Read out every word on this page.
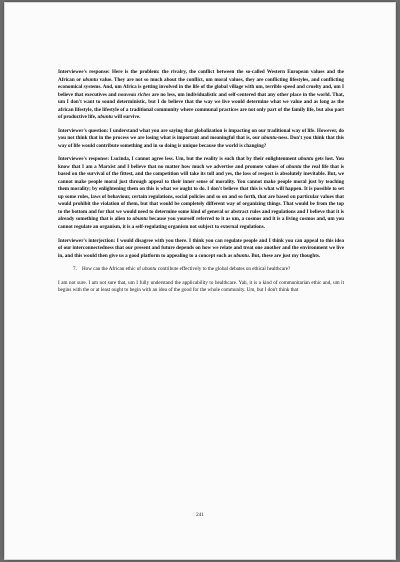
Interviewee's response: Here is the problem: the rivalry, the conflict between the so-called Western European values and the African or ubuntu value. They are not so much about the conflict, um moral values, they are conflicting lifestyles, and conflicting economical systems. And, um Africa is getting involved in the life of the global village with um, terrible speed and cruelty and, um I believe that executives and nouveau riches are no less, um individualistic and self-centered that any other place in the world. That, um I don't want to sound deterministic, but I do believe that the way we live would determine what we value and as long as the african lifestyle, the lifestyle of a traditional community where communal practices are not only part of the family life, but also part of productive life, ubuntu will survive.

Interviewer's question: I understand what you are saying that globalization is impacting on our traditional way of life. However, do you not think that in the process we are losing what is important and meaningful that is, our ubuntu-ness. Don't you think that this way of life would contribute something and in so doing is unique because the world is changing?

Interviewee's response: Lucinda, I cannot agree less. Um, but the reality is such that by their enlightenment ubuntu gets lost. You know that I am a Marxist and I believe that no matter how much we advertise and promote values of ubuntu the real life that is based on the survival of the fittest, and the competition will take its toll and yes, the loss of respect is absolutely inevitable. But, we cannot make people moral just through appeal to their inner sense of morality. You cannot make people moral just by teaching them morality; by enlightening them on this is what we ought to do. I don't believe that this is what will happen. It is possible to set up some rules, laws of behaviour, certain regulations, social policies and so on and so forth, that are based on particular values that would prohibit the violation of them, but that would be completely different way of organizing things. That would be from the top to the bottom and for that we would need to determine some kind of general or abstract rules and regulations and I believe that it is already something that is alien to ubuntu because you yourself referred to it as um, a cosmos and it is a living cosmos and, um you cannot regulate an organism, it is a self-regulating organism not subject to external regulations.

Interviewer's interjection: I would disagree with you there. I think you can regulate people and I think you can appeal to this idea of our interconnectedness that our present and future depends on how we relate and treat one another and the environment we live in, and this would then give us a good platform to appealing to a concept such as ubuntu. But, these are just my thoughts.

7.	How can the African ethic of ubuntu contribute effectively to the global debates on ethical healthcare?

I am not sure. I am not sure that, um I fully understand the applicability to healthcare. Yah, it is a kind of communitarian ethic and, um it begins with the or at least ought to begin with an idea of the good for the whole community. Um, but I don't think that

241
